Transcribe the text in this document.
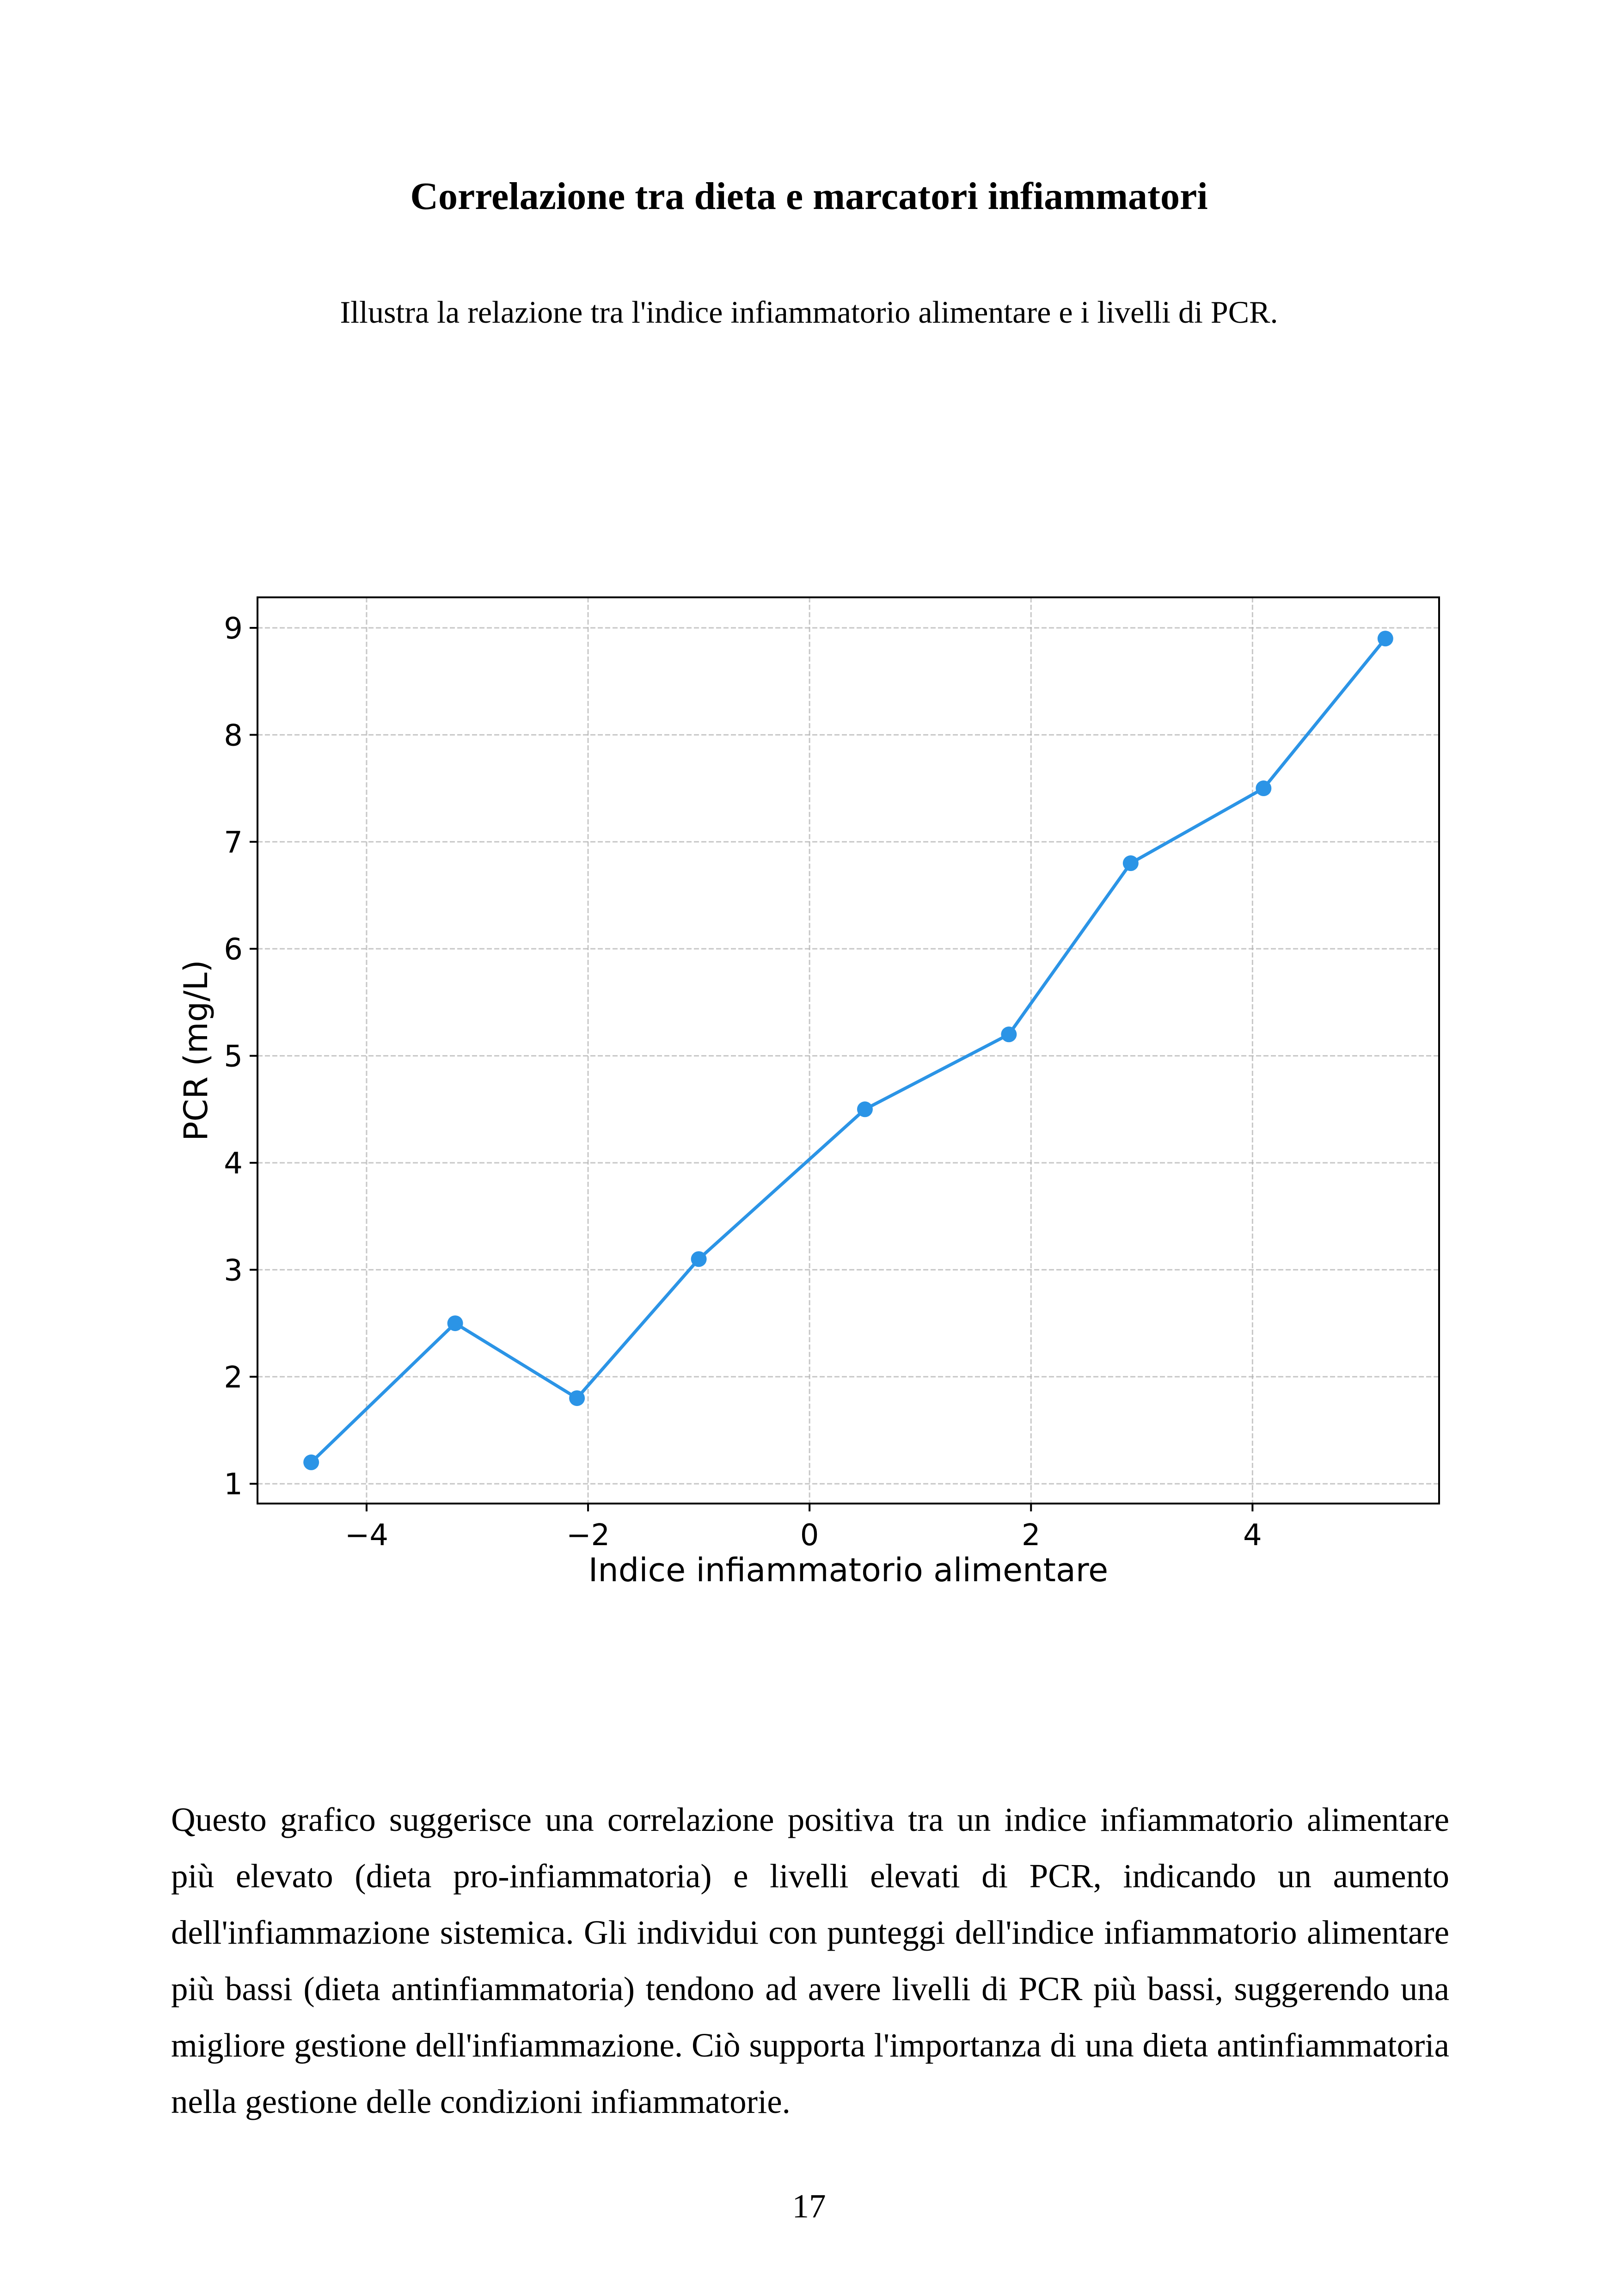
Correlazione tra dieta e marcatori infiammatori

Illustra la relazione tra l'indice infiammatorio alimentare e i livelli di PCR.

−4	−2	0	2	4
1
2
3
4
5
6
7
8
9
Indice infiammatorio alimentare
PCR (mg/L)

Questo grafico suggerisce una correlazione positiva tra un indice infiammatorio alimentare più elevato (dieta pro-infiammatoria) e livelli elevati di PCR, indicando un aumento dell'infiammazione sistemica. Gli individui con punteggi dell'indice infiammatorio alimentare più bassi (dieta antinfiammatoria) tendono ad avere livelli di PCR più bassi, suggerendo una migliore gestione dell'infiammazione. Ciò supporta l'importanza di una dieta antinfiammatoria nella gestione delle condizioni infiammatorie.

17
